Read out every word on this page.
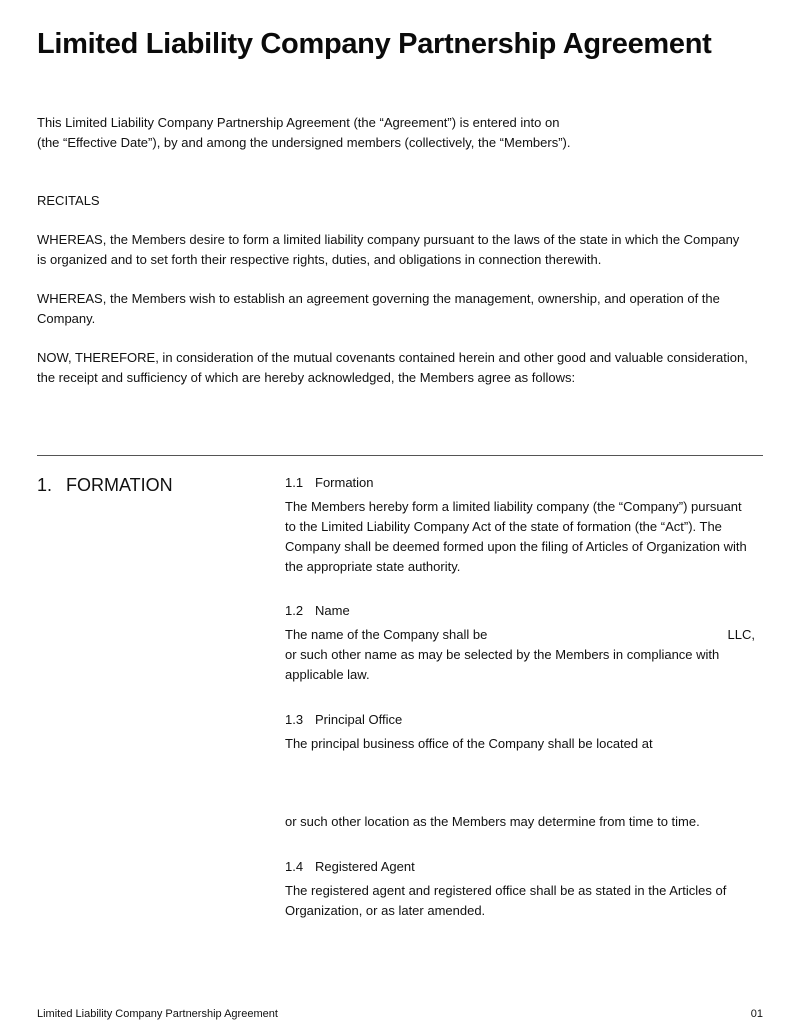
Limited Liability Company Partnership Agreement

This Limited Liability Company Partnership Agreement (the “Agreement”) is entered into on
(the “Effective Date”), by and among the undersigned members (collectively, the “Members”).

RECITALS

WHEREAS, the Members desire to form a limited liability company pursuant to the laws of the state in which the Company
is organized and to set forth their respective rights, duties, and obligations in connection therewith.

WHEREAS, the Members wish to establish an agreement governing the management, ownership, and operation of the
Company.

NOW, THEREFORE, in consideration of the mutual covenants contained herein and other good and valuable consideration,
the receipt and sufficiency of which are hereby acknowledged, the Members agree as follows:

1. FORMATION	1.1 Formation
The Members hereby form a limited liability company (the “Company”) pursuant
to the Limited Liability Company Act of the state of formation (the “Act”). The
Company shall be deemed formed upon the filing of Articles of Organization with
the appropriate state authority.
1.2 Name
The name of the Company shall be	LLC,
or such other name as may be selected by the Members in compliance with
applicable law.
1.3 Principal Office
The principal business office of the Company shall be located at
or such other location as the Members may determine from time to time.
1.4 Registered Agent
The registered agent and registered office shall be as stated in the Articles of
Organization, or as later amended.
Limited Liability Company Partnership Agreement	01
